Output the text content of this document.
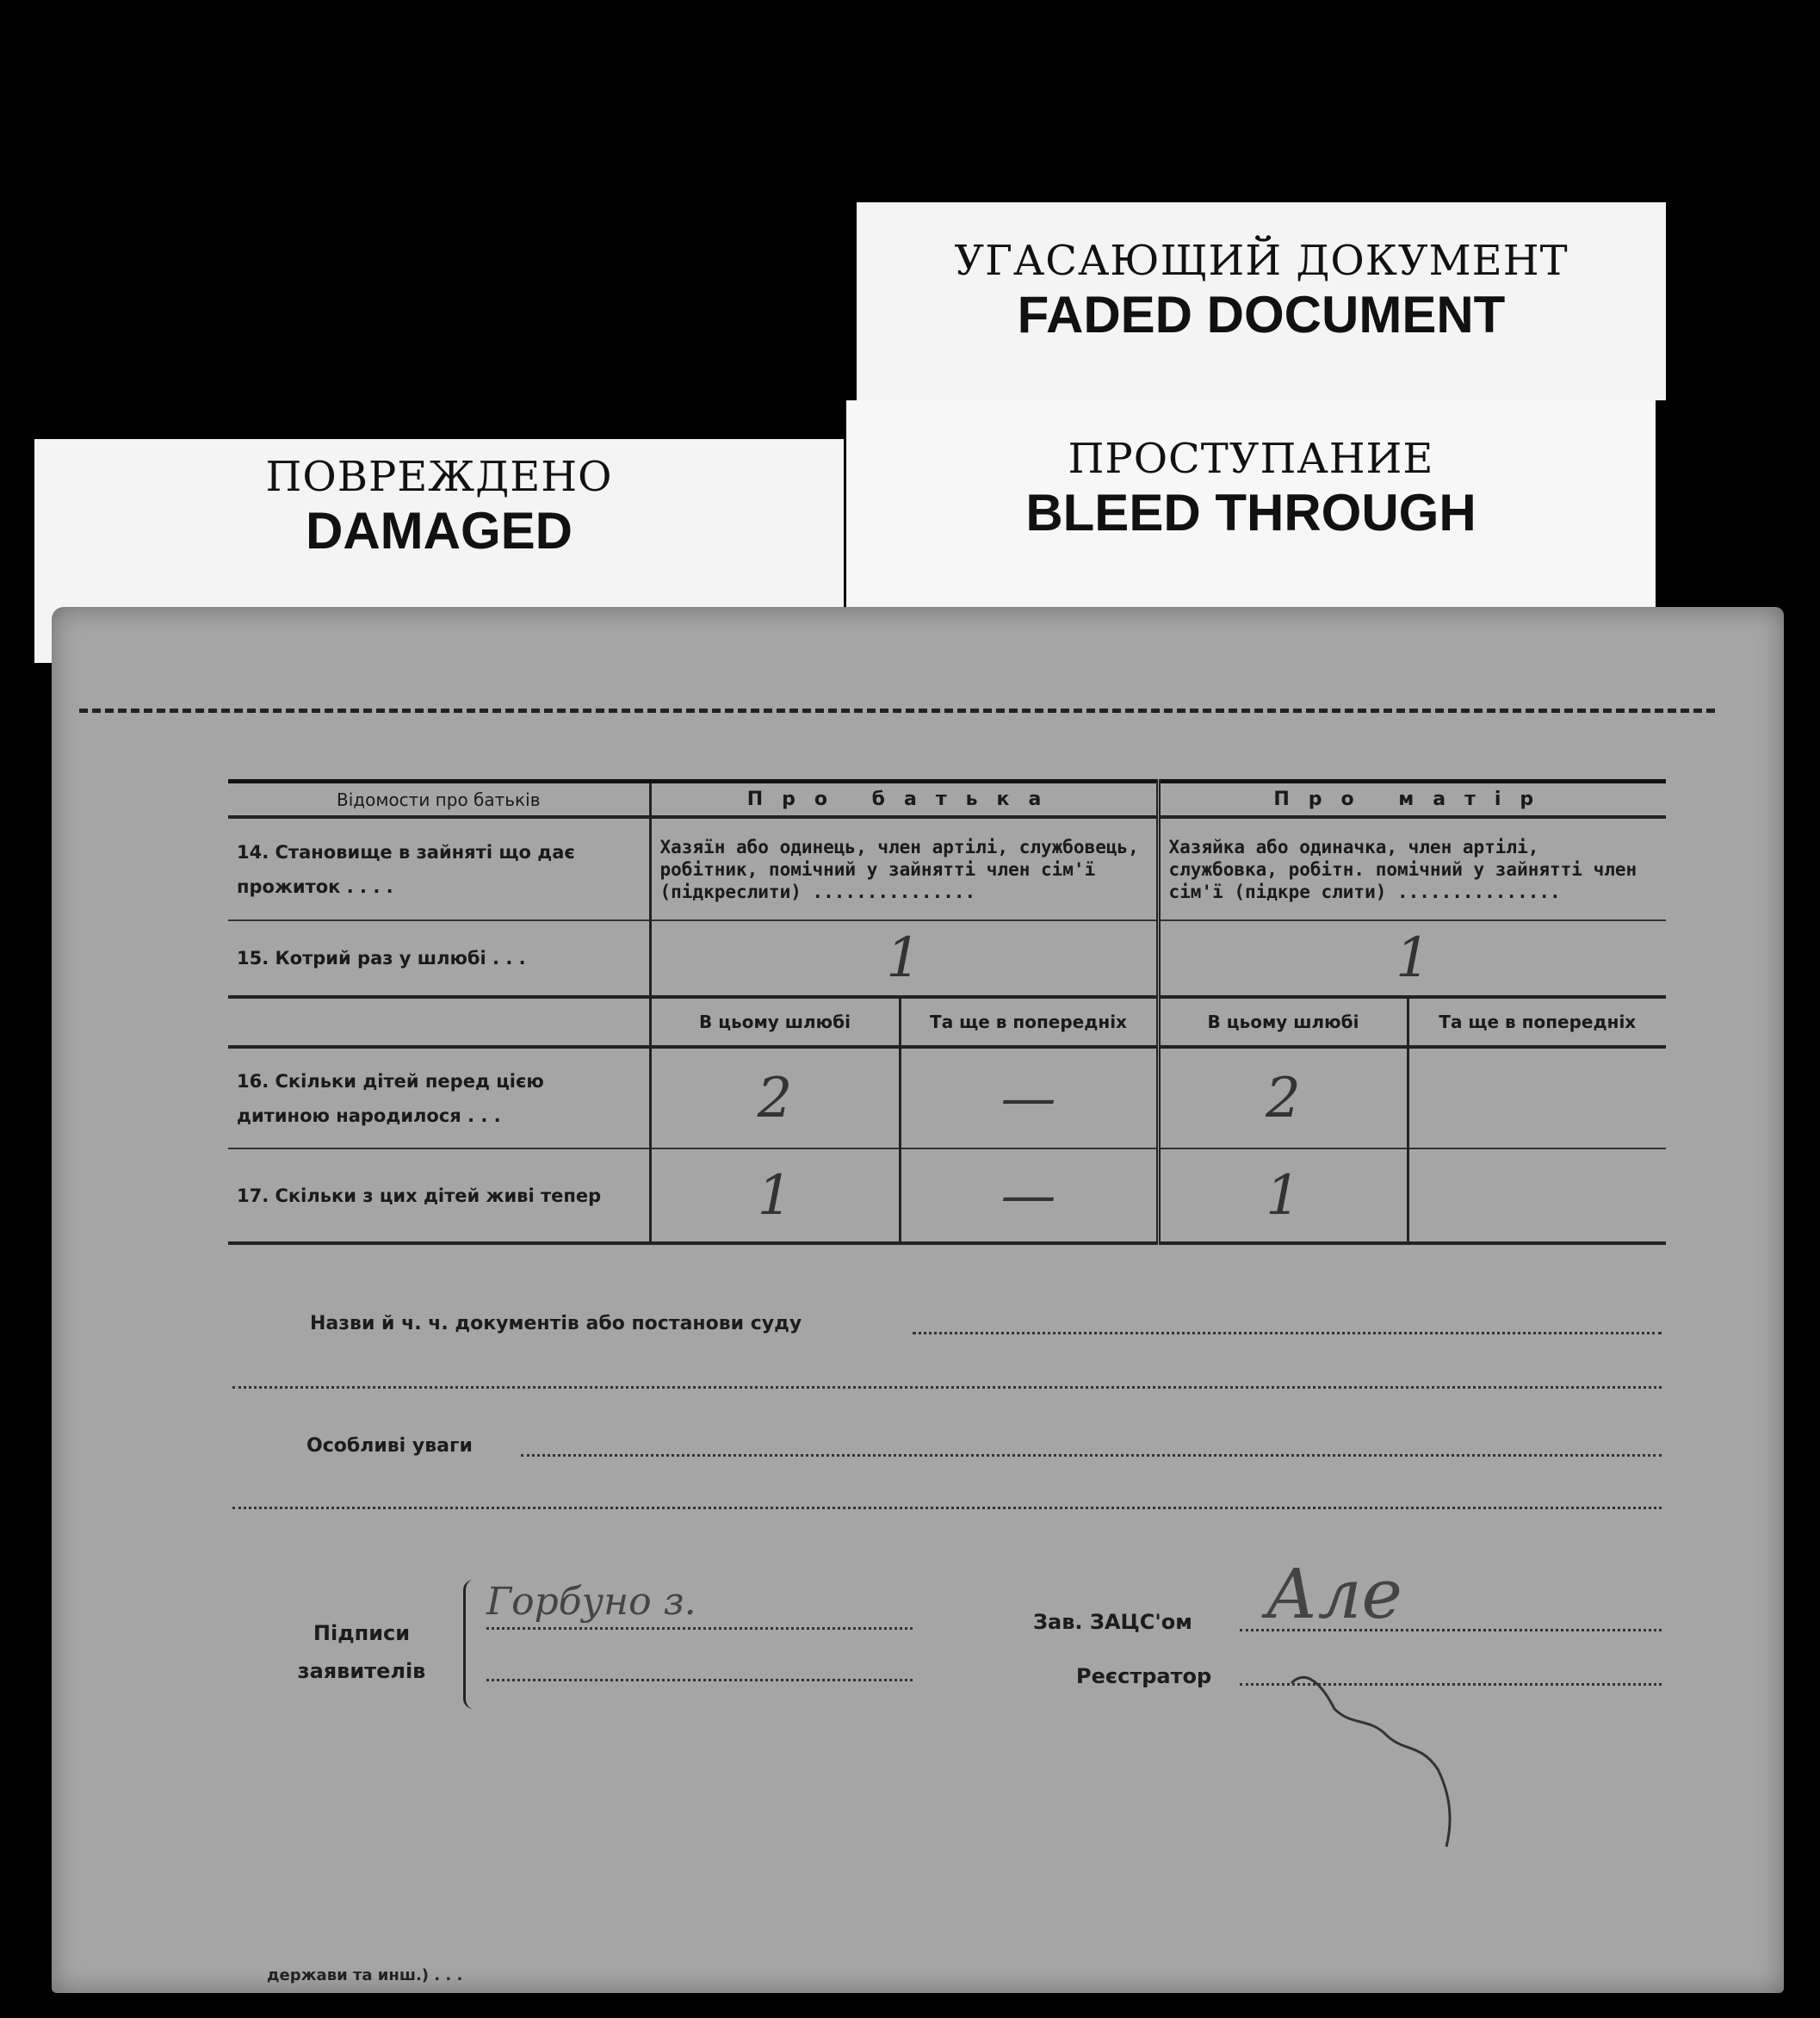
УГАСАЮЩИЙ ДОКУМЕНТ
FADED DOCUMENT
ПРОСТУПАНИЕ
BLEED THROUGH
ПОВРЕЖДЕНО
DAMAGED
Відомости про батьків	Про батька		Про матір	
14. Становище в зайняті що дає прожиток . . . .	Хазяїн або одинець, член артілі, службовець, робітник, помічний у зайнятті член сім'ї (підкреслити) ...............		Хазяйка або одиначка, член артілі, службовка, робітн. помічний у зайнятті член сім'ї (підкре слити) ...............	
15. Котрий раз у шлюбі . . .	1		1	
	В цьому шлюбі	Та ще в попередніх	В цьому шлюбі	Та ще в попередніх
16. Скільки дітей перед цією дитиною народилося . . .	2	—	2	
17. Скільки з цих дітей живі тепер	1	—	1	
Назви й ч. ч. документів або постанови суду
Особливі уваги
Підписи заявителів
Горбуно з.	Зав. ЗАЦС'ом Але
Реєстратор
держави та инш.) . . .
